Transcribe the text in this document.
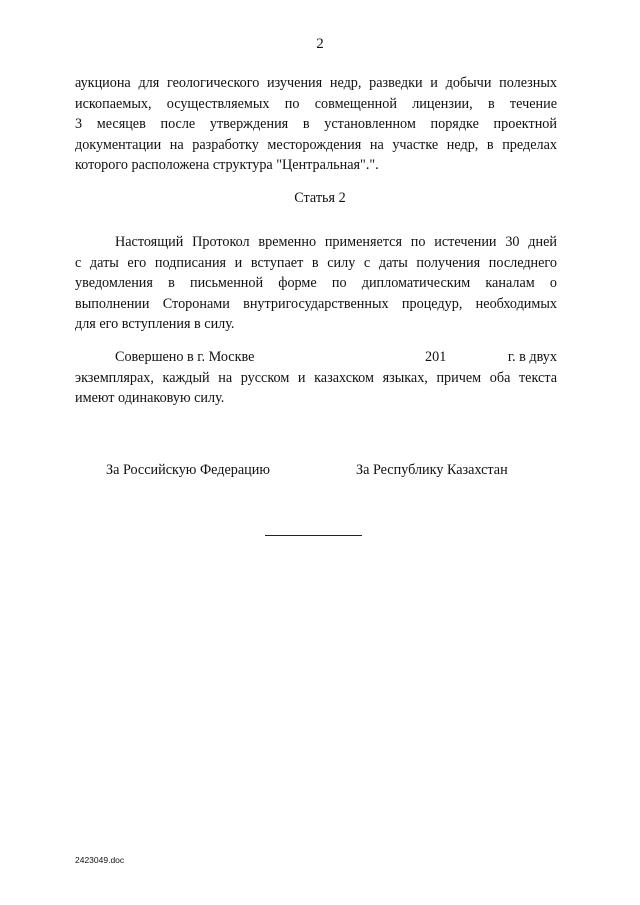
2
аукциона для геологического изучения недр, разведки и добычи полезных
ископаемых, осуществляемых по совмещенной лицензии, в течение
3 месяцев после утверждения в установленном порядке проектной
документации на разработку месторождения на участке недр, в пределах
которого расположена структура "Центральная".".
Статья 2
Настоящий Протокол временно применяется по истечении 30 дней
с даты его подписания и вступает в силу с даты получения последнего
уведомления в письменной форме по дипломатическим каналам о
выполнении Сторонами внутригосударственных процедур, необходимых
для его вступления в силу.
Совершено в г. Москве	201	г. в двух
экземплярах, каждый на русском и казахском языках, причем оба текста
имеют одинаковую силу.
За Российскую Федерацию	За Республику Казахстан
2423049.doc
